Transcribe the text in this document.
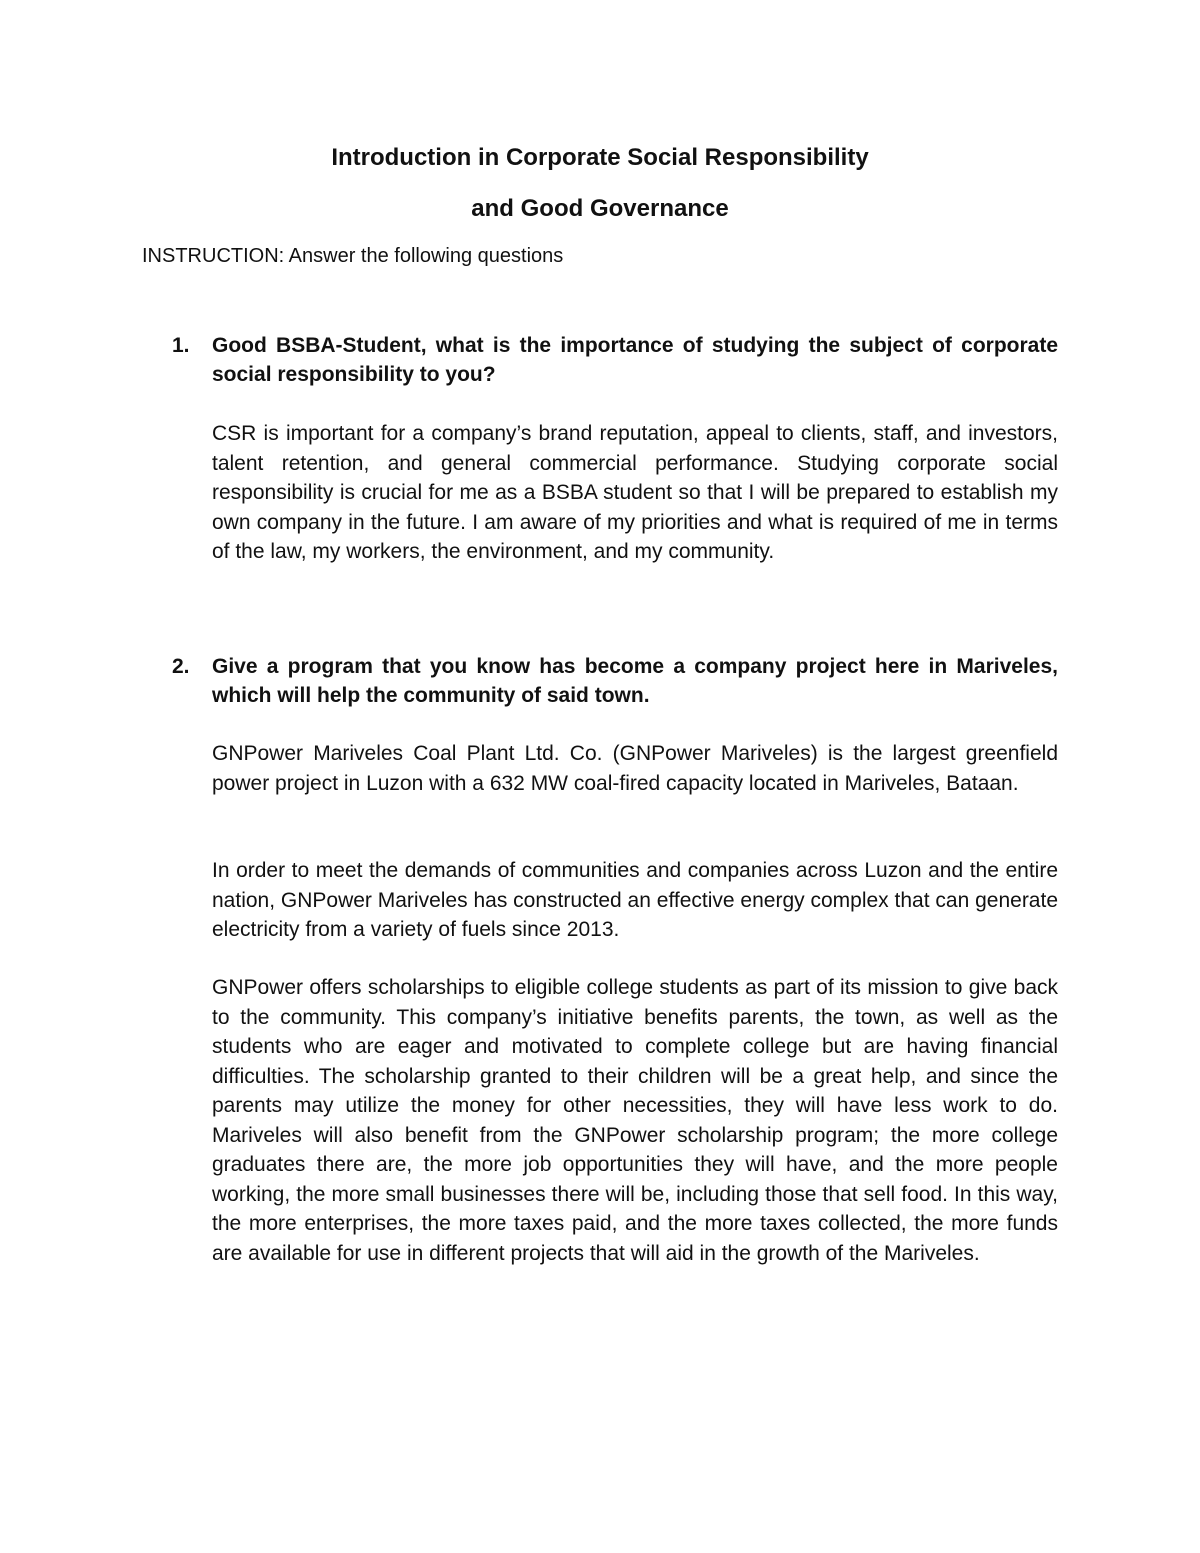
Introduction in Corporate Social Responsibility
and Good Governance

INSTRUCTION: Answer the following questions

1. Good BSBA-Student, what is the importance of studying the subject of corporate social responsibility to you?

CSR is important for a company’s brand reputation, appeal to clients, staff, and investors, talent retention, and general commercial performance. Studying corporate social responsibility is crucial for me as a BSBA student so that I will be prepared to establish my own company in the future. I am aware of my priorities and what is required of me in terms of the law, my workers, the environment, and my community.

2. Give a program that you know has become a company project here in Mariveles, which will help the community of said town.

GNPower Mariveles Coal Plant Ltd. Co. (GNPower Mariveles) is the largest greenfield power project in Luzon with a 632 MW coal-fired capacity located in Mariveles, Bataan.

In order to meet the demands of communities and companies across Luzon and the entire nation, GNPower Mariveles has constructed an effective energy complex that can generate electricity from a variety of fuels since 2013.

GNPower offers scholarships to eligible college students as part of its mission to give back to the community. This company’s initiative benefits parents, the town, as well as the students who are eager and motivated to complete college but are having financial difficulties. The scholarship granted to their children will be a great help, and since the parents may utilize the money for other necessities, they will have less work to do. Mariveles will also benefit from the GNPower scholarship program; the more college graduates there are, the more job opportunities they will have, and the more people working, the more small businesses there will be, including those that sell food. In this way, the more enterprises, the more taxes paid, and the more taxes collected, the more funds are available for use in different projects that will aid in the growth of the Mariveles.
